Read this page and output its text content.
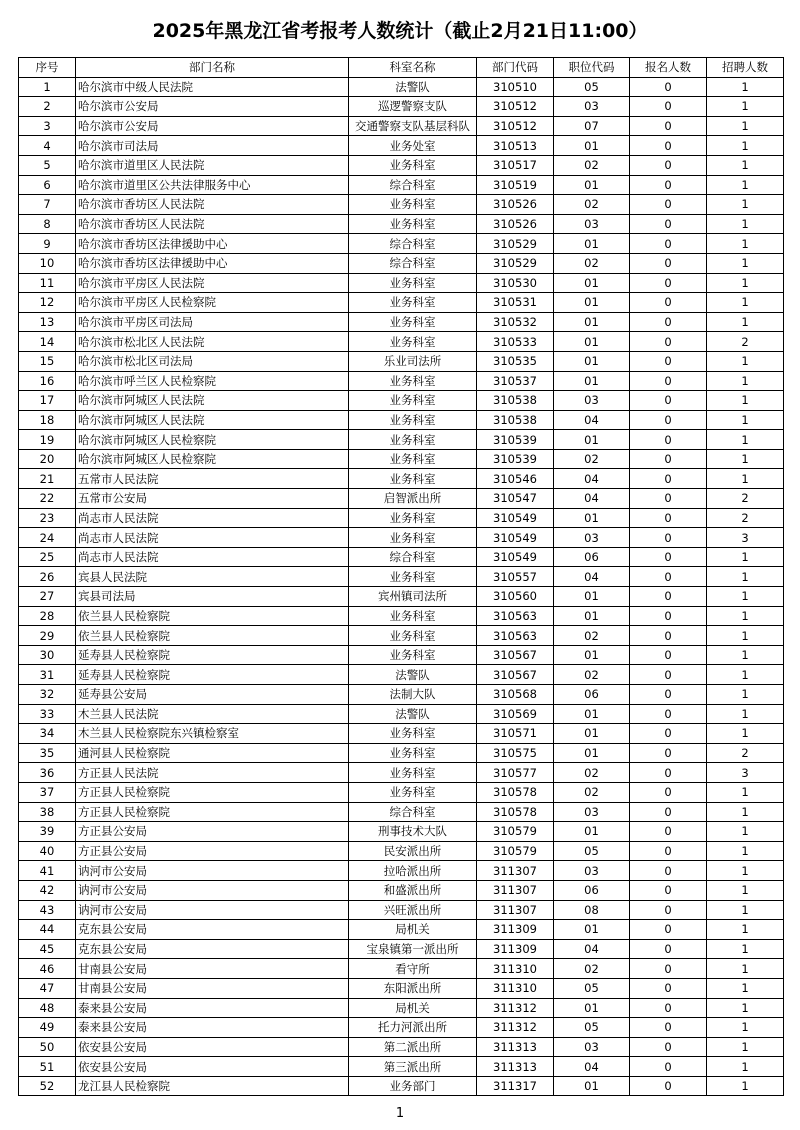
2025年黑龙江省考报考人数统计（截止2月21日11:00）
序号	部门名称	科室名称	部门代码	职位代码	报名人数	招聘人数
1	哈尔滨市中级人民法院	法警队	310510	05	0	1
2	哈尔滨市公安局	巡逻警察支队	310512	03	0	1
3	哈尔滨市公安局	交通警察支队基层科队	310512	07	0	1
4	哈尔滨市司法局	业务处室	310513	01	0	1
5	哈尔滨市道里区人民法院	业务科室	310517	02	0	1
6	哈尔滨市道里区公共法律服务中心	综合科室	310519	01	0	1
7	哈尔滨市香坊区人民法院	业务科室	310526	02	0	1
8	哈尔滨市香坊区人民法院	业务科室	310526	03	0	1
9	哈尔滨市香坊区法律援助中心	综合科室	310529	01	0	1
10	哈尔滨市香坊区法律援助中心	综合科室	310529	02	0	1
11	哈尔滨市平房区人民法院	业务科室	310530	01	0	1
12	哈尔滨市平房区人民检察院	业务科室	310531	01	0	1
13	哈尔滨市平房区司法局	业务科室	310532	01	0	1
14	哈尔滨市松北区人民法院	业务科室	310533	01	0	2
15	哈尔滨市松北区司法局	乐业司法所	310535	01	0	1
16	哈尔滨市呼兰区人民检察院	业务科室	310537	01	0	1
17	哈尔滨市阿城区人民法院	业务科室	310538	03	0	1
18	哈尔滨市阿城区人民法院	业务科室	310538	04	0	1
19	哈尔滨市阿城区人民检察院	业务科室	310539	01	0	1
20	哈尔滨市阿城区人民检察院	业务科室	310539	02	0	1
21	五常市人民法院	业务科室	310546	04	0	1
22	五常市公安局	启智派出所	310547	04	0	2
23	尚志市人民法院	业务科室	310549	01	0	2
24	尚志市人民法院	业务科室	310549	03	0	3
25	尚志市人民法院	综合科室	310549	06	0	1
26	宾县人民法院	业务科室	310557	04	0	1
27	宾县司法局	宾州镇司法所	310560	01	0	1
28	依兰县人民检察院	业务科室	310563	01	0	1
29	依兰县人民检察院	业务科室	310563	02	0	1
30	延寿县人民检察院	业务科室	310567	01	0	1
31	延寿县人民检察院	法警队	310567	02	0	1
32	延寿县公安局	法制大队	310568	06	0	1
33	木兰县人民法院	法警队	310569	01	0	1
34	木兰县人民检察院东兴镇检察室	业务科室	310571	01	0	1
35	通河县人民检察院	业务科室	310575	01	0	2
36	方正县人民法院	业务科室	310577	02	0	3
37	方正县人民检察院	业务科室	310578	02	0	1
38	方正县人民检察院	综合科室	310578	03	0	1
39	方正县公安局	刑事技术大队	310579	01	0	1
40	方正县公安局	民安派出所	310579	05	0	1
41	讷河市公安局	拉哈派出所	311307	03	0	1
42	讷河市公安局	和盛派出所	311307	06	0	1
43	讷河市公安局	兴旺派出所	311307	08	0	1
44	克东县公安局	局机关	311309	01	0	1
45	克东县公安局	宝泉镇第一派出所	311309	04	0	1
46	甘南县公安局	看守所	311310	02	0	1
47	甘南县公安局	东阳派出所	311310	05	0	1
48	泰来县公安局	局机关	311312	01	0	1
49	泰来县公安局	托力河派出所	311312	05	0	1
50	依安县公安局	第二派出所	311313	03	0	1
51	依安县公安局	第三派出所	311313	04	0	1
52	龙江县人民检察院	业务部门	311317	01	0	1
1
